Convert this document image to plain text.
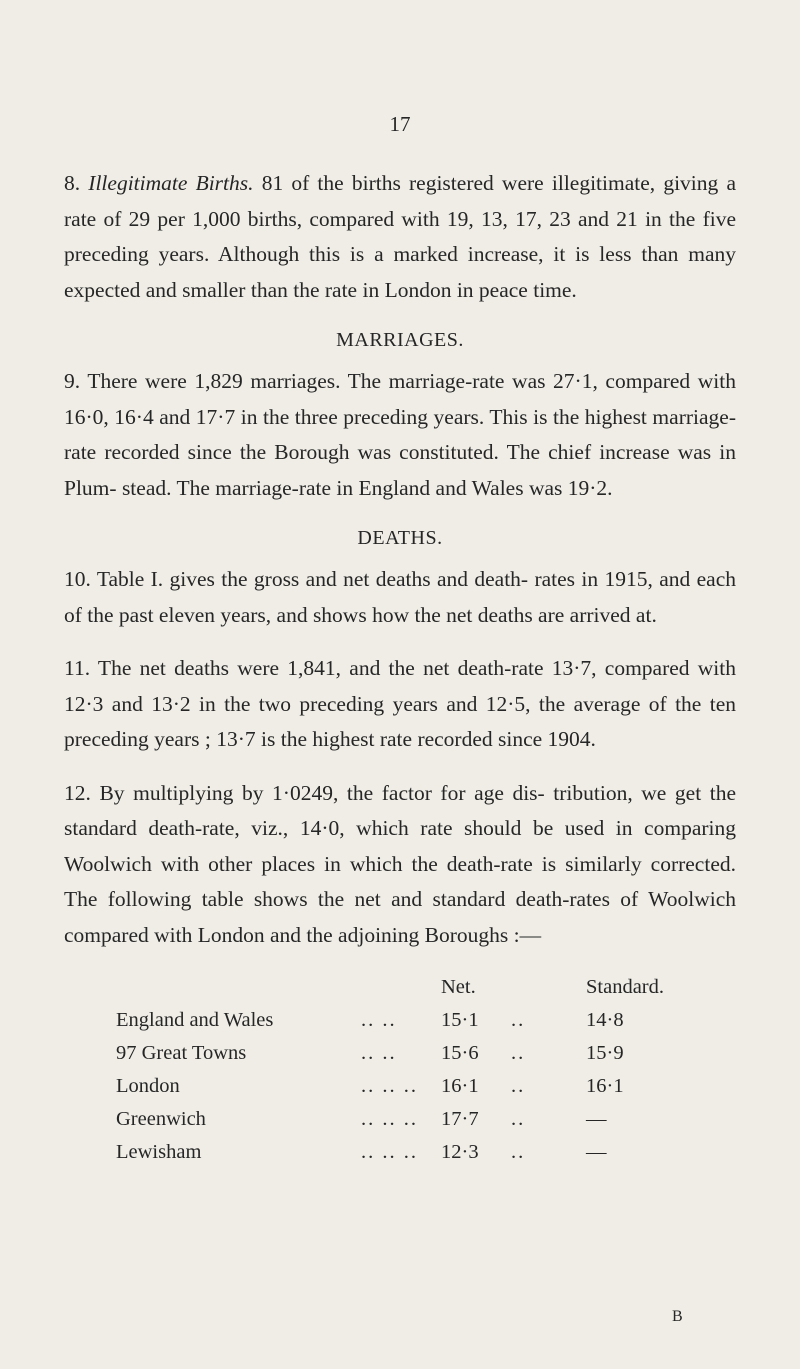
17

8. Illegitimate Births. 81 of the births registered were illegitimate, giving a rate of 29 per 1,000 births, compared with 19, 13, 17, 23 and 21 in the five preceding years. Although this is a marked increase, it is less than many expected and smaller than the rate in London in peace time.

MARRIAGES.

9. There were 1,829 marriages. The marriage-rate was 27·1, compared with 16·0, 16·4 and 17·7 in the three preceding years. This is the highest marriage-rate recorded since the Borough was constituted. The chief increase was in Plum- stead. The marriage-rate in England and Wales was 19·2.

DEATHS.

10. Table I. gives the gross and net deaths and death- rates in 1915, and each of the past eleven years, and shows how the net deaths are arrived at.

11. The net deaths were 1,841, and the net death-rate 13·7, compared with 12·3 and 13·2 in the two preceding years and 12·5, the average of the ten preceding years ; 13·7 is the highest rate recorded since 1904.

12. By multiplying by 1·0249, the factor for age dis- tribution, we get the standard death-rate, viz., 14·0, which rate should be used in comparing Woolwich with other places in which the death-rate is similarly corrected. The following table shows the net and standard death-rates of Woolwich compared with London and the adjoining Boroughs :—

Net.	Standard.
England and Wales	.. ..	15·1	..	14·8
97 Great Towns	.. ..	15·6	..	15·9
London	.. .. ..	16·1	..	16·1
Greenwich	.. .. ..	17·7	..	—
Lewisham	.. .. ..	12·3	..	—
B
